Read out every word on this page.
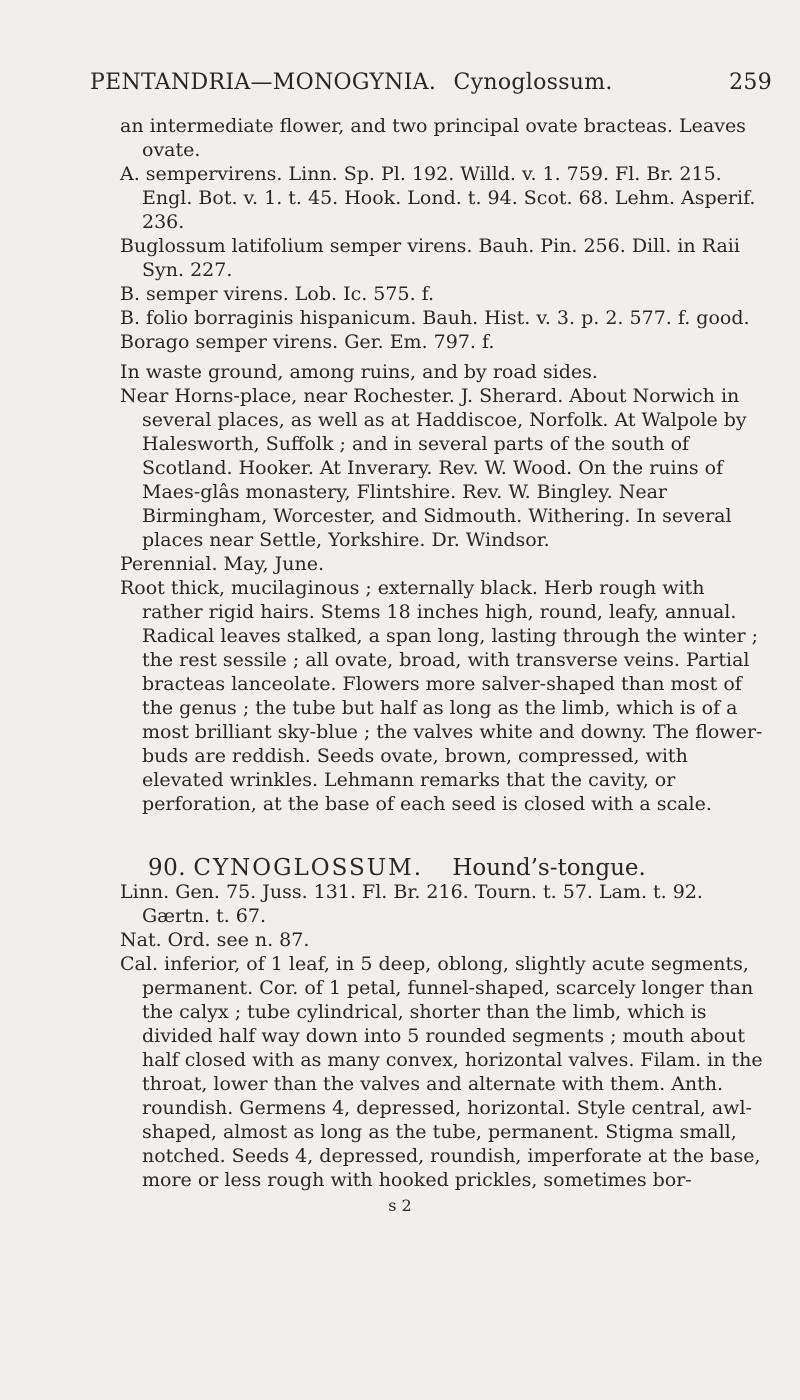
PENTANDRIA—MONOGYNIA. Cynoglossum.	259

an intermediate flower, and two principal ovate bracteas. Leaves ovate.

A. sempervirens. Linn. Sp. Pl. 192. Willd. v. 1. 759. Fl. Br. 215. Engl. Bot. v. 1. t. 45. Hook. Lond. t. 94. Scot. 68. Lehm. Asperif. 236.

Buglossum latifolium semper virens. Bauh. Pin. 256. Dill. in Raii Syn. 227.

B. semper virens. Lob. Ic. 575. f.

B. folio borraginis hispanicum. Bauh. Hist. v. 3. p. 2. 577. f. good.

Borago semper virens. Ger. Em. 797. f.

In waste ground, among ruins, and by road sides.

Near Horns-place, near Rochester. J. Sherard. About Norwich in several places, as well as at Haddiscoe, Norfolk. At Walpole by Halesworth, Suffolk ; and in several parts of the south of Scotland. Hooker. At Inverary. Rev. W. Wood. On the ruins of Maes-glâs monastery, Flintshire. Rev. W. Bingley. Near Birmingham, Worcester, and Sidmouth. Withering. In several places near Settle, Yorkshire. Dr. Windsor.

Perennial. May, June.

Root thick, mucilaginous ; externally black. Herb rough with rather rigid hairs. Stems 18 inches high, round, leafy, annual. Radical leaves stalked, a span long, lasting through the winter ; the rest sessile ; all ovate, broad, with transverse veins. Partial bracteas lanceolate. Flowers more salver-shaped than most of the genus ; the tube but half as long as the limb, which is of a most brilliant sky-blue ; the valves white and downy. The flower-buds are reddish. Seeds ovate, brown, compressed, with elevated wrinkles. Lehmann remarks that the cavity, or perforation, at the base of each seed is closed with a scale.

90. CYNOGLOSSUM. Hound’s-tongue.

Linn. Gen. 75. Juss. 131. Fl. Br. 216. Tourn. t. 57. Lam. t. 92. Gærtn. t. 67.

Nat. Ord. see n. 87.

Cal. inferior, of 1 leaf, in 5 deep, oblong, slightly acute segments, permanent. Cor. of 1 petal, funnel-shaped, scarcely longer than the calyx ; tube cylindrical, shorter than the limb, which is divided half way down into 5 rounded segments ; mouth about half closed with as many convex, horizontal valves. Filam. in the throat, lower than the valves and alternate with them. Anth. roundish. Germens 4, depressed, horizontal. Style central, awl-shaped, almost as long as the tube, permanent. Stigma small, notched. Seeds 4, depressed, roundish, imperforate at the base, more or less rough with hooked prickles, sometimes bor-

s 2
